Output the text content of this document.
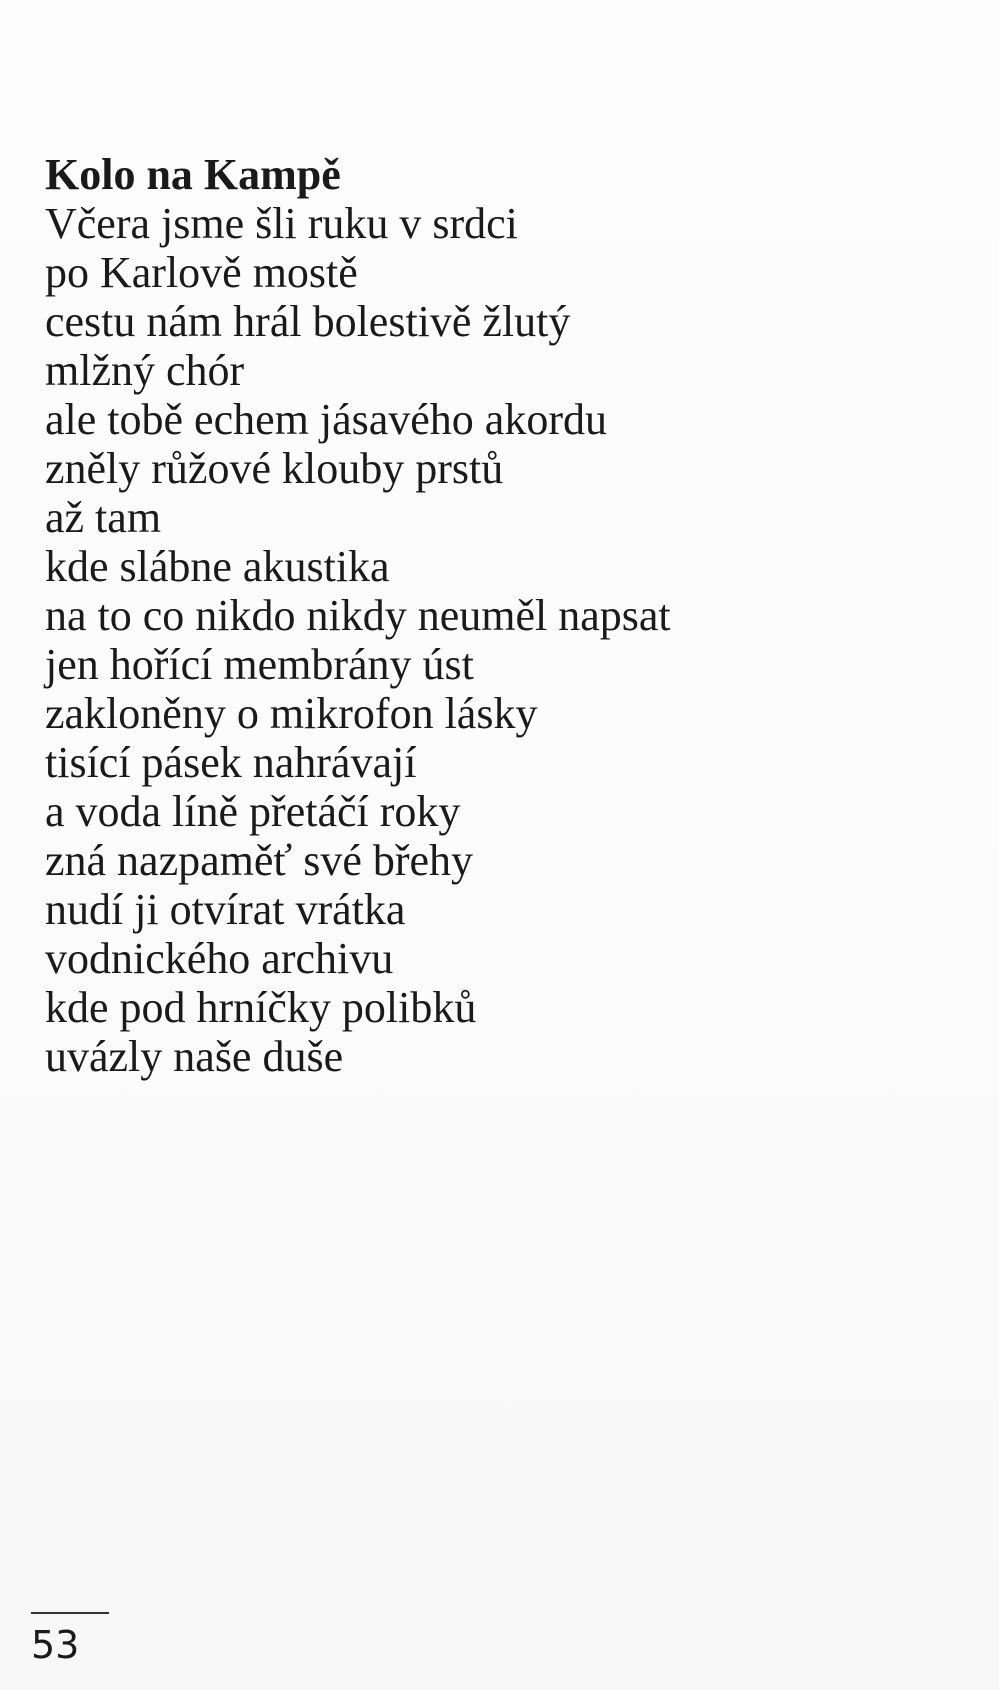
Kolo na Kampě

Včera jsme šli ruku v srdci

po Karlově mostě

cestu nám hrál bolestivě žlutý

mlžný chór

ale tobě echem jásavého akordu

zněly růžové klouby prstů

až tam

kde slábne akustika

na to co nikdo nikdy neuměl napsat

jen hořící membrány úst

zakloněny o mikrofon lásky

tisící pásek nahrávají

a voda líně přetáčí roky

zná nazpaměť své břehy

nudí ji otvírat vrátka

vodnického archivu

kde pod hrníčky polibků

uvázly naše duše

53
